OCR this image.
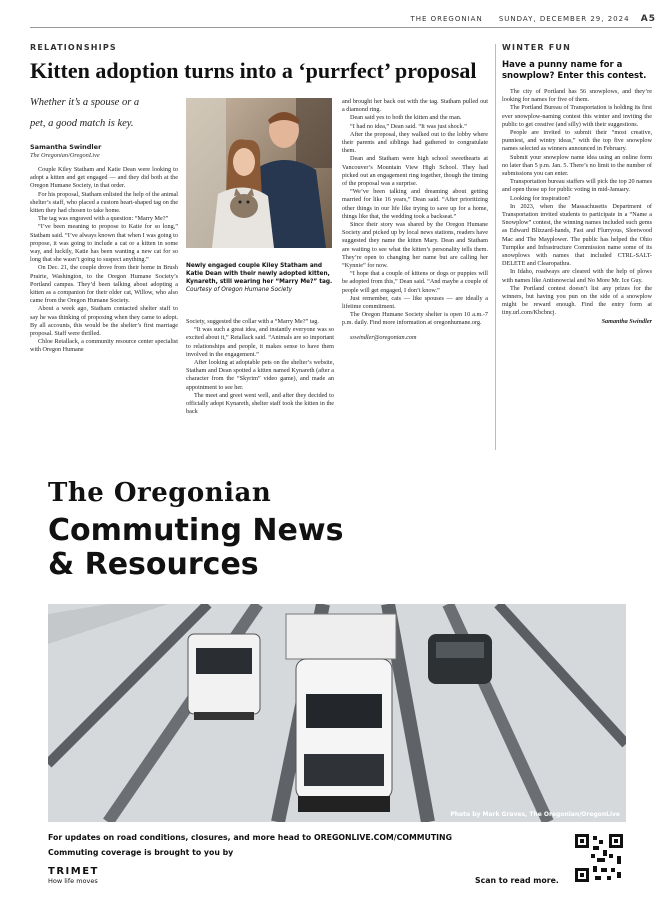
THE OREGONIAN SUNDAY, DECEMBER 29, 2024 A5
RELATIONSHIPS
Kitten adoption turns into a ‘purrfect’ proposal
Whether it’s a spouse or a
pet, a good match is key.
Samantha Swindler
The Oregonian/OregonLive

Couple Kiley Statham and Katie Dean were looking to adopt a kitten and get engaged — and they did both at the Oregon Humane Society, in that order.

For his proposal, Statham enlisted the help of the animal shelter’s staff, who placed a custom heart-shaped tag on the kitten they had chosen to take home.

The tag was engraved with a question: “Marry Me?”

“I’ve been meaning to propose to Katie for so long,” Statham said. “I’ve always known that when I was going to propose, it was going to include a cat or a kitten in some way, and luckily, Katie has been wanting a new cat for so long that she wasn’t going to suspect anything.”

On Dec. 21, the couple drove from their home in Brush Prairie, Washington, to the Oregon Humane Society’s Portland campus. They’d been talking about adopting a kitten as a companion for their older cat, Willow, who also came from the Oregon Humane Society.

About a week ago, Statham contacted shelter staff to say he was thinking of proposing when they came to adopt. By all accounts, this would be the shelter’s first marriage proposal. Staff were thrilled.

Chloe Retallack, a community resource center specialist with Oregon Humane

Newly engaged couple Kiley Statham and Katie Dean with their newly adopted kitten, Kynareth, still wearing her “Marry Me?” tag. Courtesy of Oregon Humane Society

Society, suggested the collar with a “Marry Me?” tag.

“It was such a great idea, and instantly everyone was so excited about it,” Retallack said. “Animals are so important to relationships and people, it makes sense to have them involved in the engagement.”

After looking at adoptable pets on the shelter’s website, Statham and Dean spotted a kitten named Kynareth (after a character from the “Skyrim” video game), and made an appointment to see her.

The meet and greet went well, and after they decided to officially adopt Kynareth, shelter staff took the kitten in the back

and brought her back out with the tag. Statham pulled out a diamond ring.

Dean said yes to both the kitten and the man.

“I had no idea,” Dean said. “It was just shock.”

After the proposal, they walked out to the lobby where their parents and siblings had gathered to congratulate them.

Dean and Statham were high school sweethearts at Vancouver’s Mountain View High School. They had picked out an engagement ring together, though the timing of the proposal was a surprise.

“We’ve been talking and dreaming about getting married for like 16 years,” Dean said. “After prioritizing other things in our life like trying to save up for a home, things like that, the wedding took a backseat.”

Since their story was shared by the Oregon Humane Society and picked up by local news stations, readers have suggested they name the kitten Mary. Dean and Statham are waiting to see what the kitten’s personality tells them. They’re open to changing her name but are calling her “Kynnie” for now.

“I hope that a couple of kittens or dogs or puppies will be adopted from this,” Dean said. “And maybe a couple of people will get engaged, I don’t know.”

Just remember, cats — like spouses — are ideally a lifetime commitment.

The Oregon Humane Society shelter is open 10 a.m.-7 p.m. daily. Find more information at oregonhumane.org.

sswindler@oregonian.com

WINTER FUN
Have a punny name for a snowplow? Enter this contest.

The city of Portland has 56 snowplows, and they’re looking for names for five of them.

The Portland Bureau of Transportation is holding its first ever snowplow-naming contest this winter and inviting the public to get creative (and silly) with their suggestions.

People are invited to submit their “most creative, punniest, and wintry ideas,” with the top five snowplow names selected as winners announced in February.

Submit your snowplow name idea using an online form no later than 5 p.m. Jan. 5. There’s no limit to the number of submissions you can enter.

Transportation bureau staffers will pick the top 20 names and open those up for public voting in mid-January.

Looking for inspiration?

In 2023, when the Massachusetts Department of Transportation invited students to participate in a “Name a Snowplow” contest, the winning names included such gems as Edward Blizzard-hands, Fast and Flurryous, Sleetwood Mac and The Mayplower. The public has helped the Ohio Turnpike and Infrastructure Commission name some of its snowplows with names that included CTRL-SALT-DELETE and Clearopathra.

In Idaho, roadways are cleared with the help of plows with names like Antisnowcial and No More Mr. Ice Guy.

The Portland contest doesn’t list any prizes for the winners, but having you pun on the side of a snowplow might be reward enough. Find the entry form at tiny.url.com/Kbcbncj.

Samantha Swindler

The Oregonian
Commuting News
& Resources
Photo by Mark Graves, The Oregonian/OregonLive
For updates on road conditions, closures, and more head to OREGONLIVE.COM/COMMUTING
Commuting coverage is brought to you by
TRIMET
How life moves	Scan to read more.
